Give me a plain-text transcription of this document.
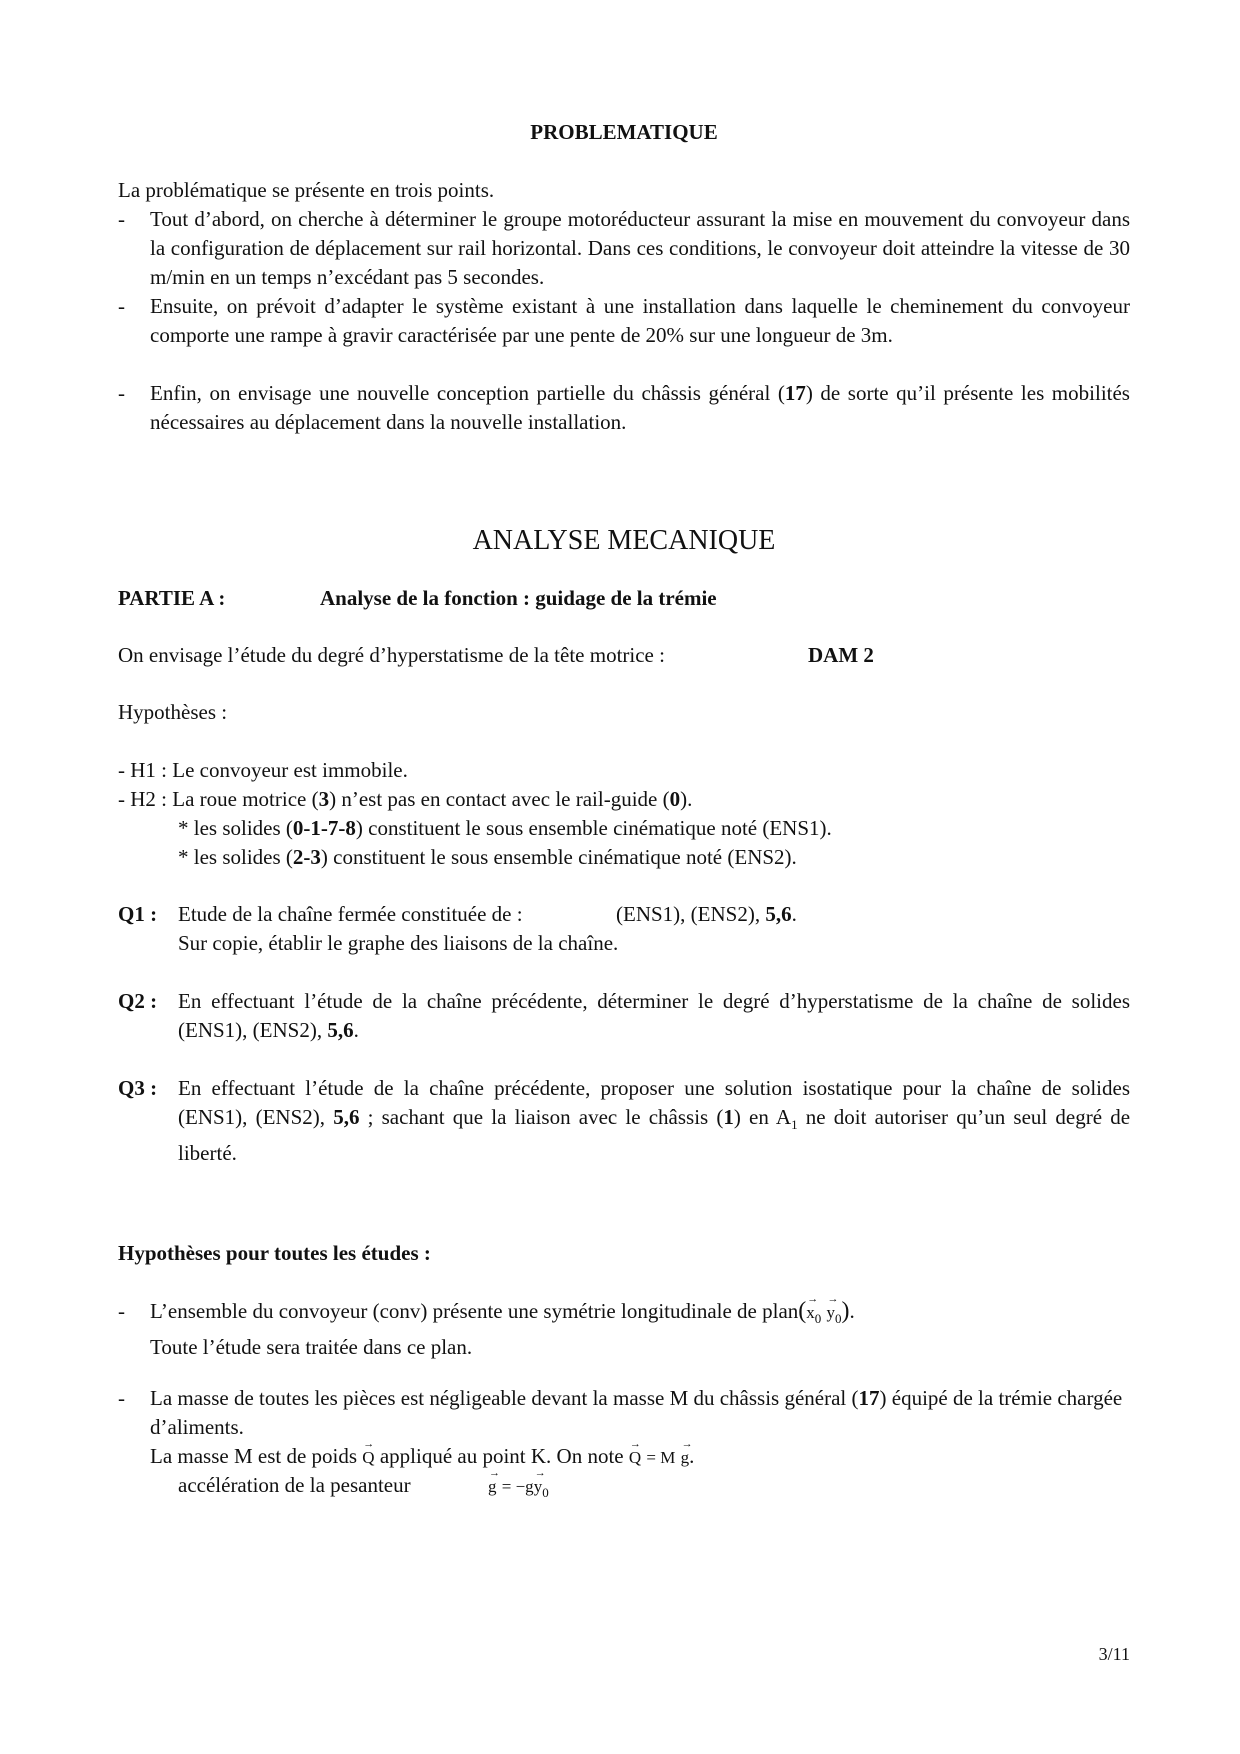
PROBLEMATIQUE
La problématique se présente en trois points.
- Tout d’abord, on cherche à déterminer le groupe motoréducteur assurant la mise en mouvement du convoyeur dans la configuration de déplacement sur rail horizontal. Dans ces conditions, le convoyeur doit atteindre la vitesse de 30 m/min en un temps n’excédant pas 5 secondes.
- Ensuite, on prévoit d’adapter le système existant à une installation dans laquelle le cheminement du convoyeur comporte une rampe à gravir caractérisée par une pente de 20% sur une longueur de 3m.
- Enfin, on envisage une nouvelle conception partielle du châssis général (17) de sorte qu’il présente les mobilités nécessaires au déplacement dans la nouvelle installation.
ANALYSE MECANIQUE
PARTIE A :	Analyse de la fonction : guidage de la trémie
On envisage l’étude du degré d’hyperstatisme de la tête motrice :	DAM 2
Hypothèses :
- H1 : Le convoyeur est immobile.
- H2 : La roue motrice (3) n’est pas en contact avec le rail-guide (0).
* les solides (0-1-7-8) constituent le sous ensemble cinématique noté (ENS1).
* les solides (2-3) constituent le sous ensemble cinématique noté (ENS2).
Q1 : Etude de la chaîne fermée constituée de :	(ENS1), (ENS2), 5,6.

Sur copie, établir le graphe des liaisons de la chaîne.
Q2 : En effectuant l’étude de la chaîne précédente, déterminer le degré d’hyperstatisme de la chaîne de solides (ENS1), (ENS2), 5,6.
Q3 : En effectuant l’étude de la chaîne précédente, proposer une solution isostatique pour la chaîne de solides (ENS1), (ENS2), 5,6 ; sachant que la liaison avec le châssis (1) en $A_1$ ne doit autoriser qu’un seul degré de liberté.
Hypothèses pour toutes les études :
- L’ensemble du convoyeur (conv) présente une symétrie longitudinale de plan(→ $x_0 \to y_0$).
Toute l’étude sera traitée dans ce plan.
- La masse de toutes les pièces est négligeable devant la masse M du châssis général (17) équipé de la trémie chargée d’aliments.
La masse M est de poids → Q appliqué au point K. On note → Q = M → g.
accélération de la pesanteur	→ $g = -g\to y_0$
3/11
